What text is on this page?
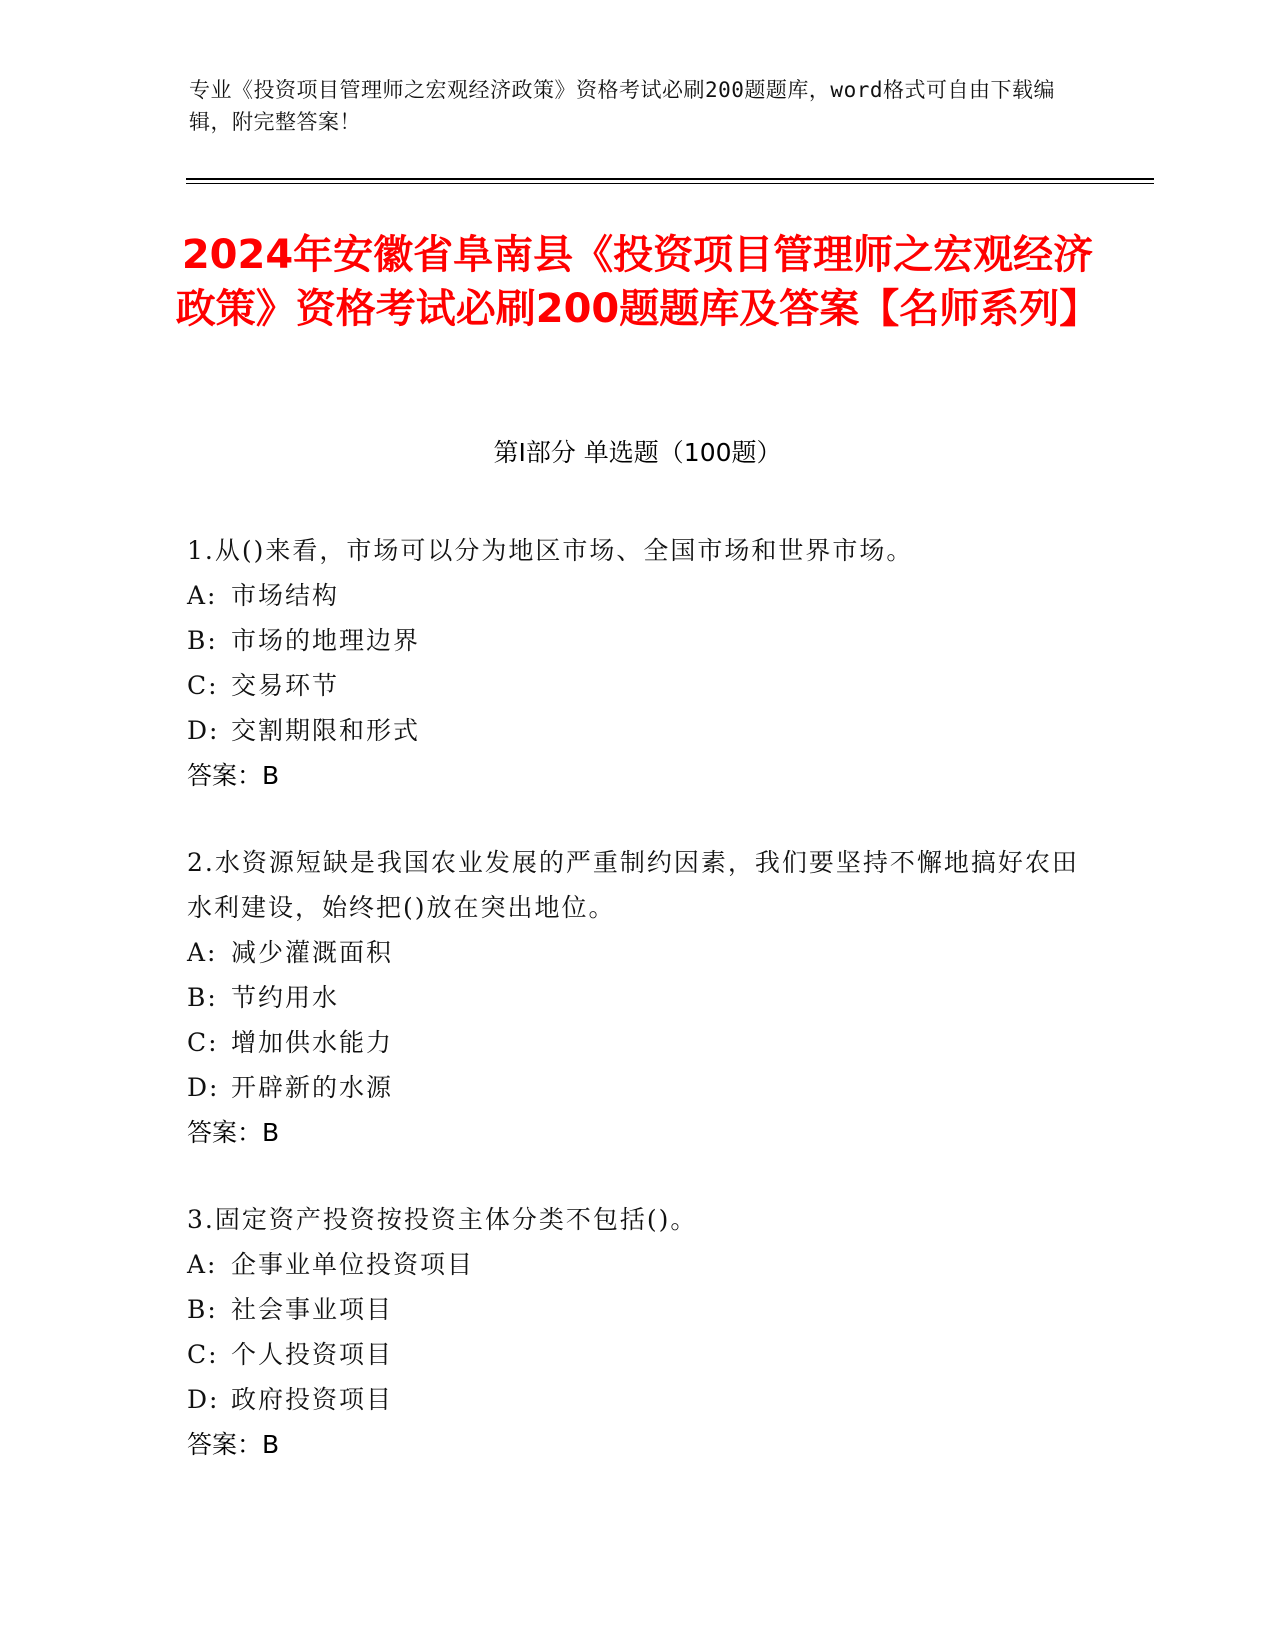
专业《投资项目管理师之宏观经济政策》资格考试必刷200题题库，word格式可自由下载编辑，附完整答案！
2024年安徽省阜南县《投资项目管理师之宏观经济政策》资格考试必刷200题题库及答案【名师系列】
第Ⅰ部分 单选题（100题）
1.从()来看，市场可以分为地区市场、全国市场和世界市场。
A: 市场结构
B: 市场的地理边界
C: 交易环节
D: 交割期限和形式
答案：B
2.水资源短缺是我国农业发展的严重制约因素，我们要坚持不懈地搞好农田水利建设，始终把()放在突出地位。
A: 减少灌溉面积
B: 节约用水
C: 增加供水能力
D: 开辟新的水源
答案：B
3.固定资产投资按投资主体分类不包括()。
A: 企事业单位投资项目
B: 社会事业项目
C: 个人投资项目
D: 政府投资项目
答案：B
